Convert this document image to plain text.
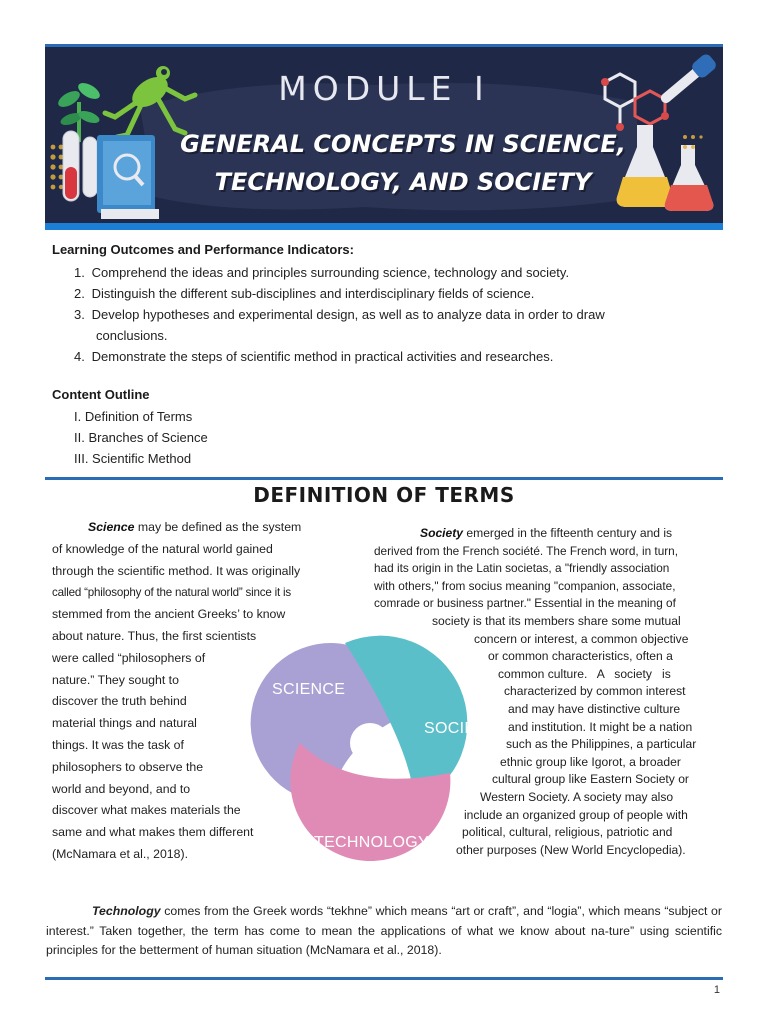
MODULE I
GENERAL CONCEPTS IN SCIENCE,
TECHNOLOGY, AND SOCIETY
Learning Outcomes and Performance Indicators:
1. Comprehend the ideas and principles surrounding science, technology and society.
2. Distinguish the different sub-disciplines and interdisciplinary fields of science.
3. Develop hypotheses and experimental design, as well as to analyze data in order to draw
conclusions.
4. Demonstrate the steps of scientific method in practical activities and researches.
Content Outline
I. Definition of Terms
II. Branches of Science
III. Scientific Method
DEFINITION OF TERMS
Science may be defined as the system
of knowledge of the natural world gained
through the scientific method. It was originally
called “philosophy of the natural world” since it is
stemmed from the ancient Greeks’ to know
about nature. Thus, the first scientists
were called “philosophers of
nature.” They sought to
discover the truth behind
material things and natural
things. It was the task of
philosophers to observe the
world and beyond, and to
discover what makes materials the
same and what makes them different
(McNamara et al., 2018).
Society emerged in the fifteenth century and is
derived from the French société. The French word, in turn,
had its origin in the Latin societas, a "friendly association
with others," from socius meaning "companion, associate,
comrade or business partner." Essential in the meaning of
society is that its members share some mutual
concern or interest, a common objective
or common characteristics, often a
common culture.   A   society   is
characterized by common interest
and may have distinctive culture
and institution. It might be a nation
such as the Philippines, a particular
ethnic group like Igorot, a broader
cultural group like Eastern Society or
Western Society. A society may also
include an organized group of people with
political, cultural, religious, patriotic and
other purposes (New World Encyclopedia).
SCIENCE
SOCIETY
TECHNOLOGY
Technology comes from the Greek words “tekhne” which means “art or craft”, and “logia”, which means “subject or interest.” Taken together, the term has come to mean the applications of what we know about na-ture” using scientific principles for the betterment of human situation (McNamara et al., 2018).
1
